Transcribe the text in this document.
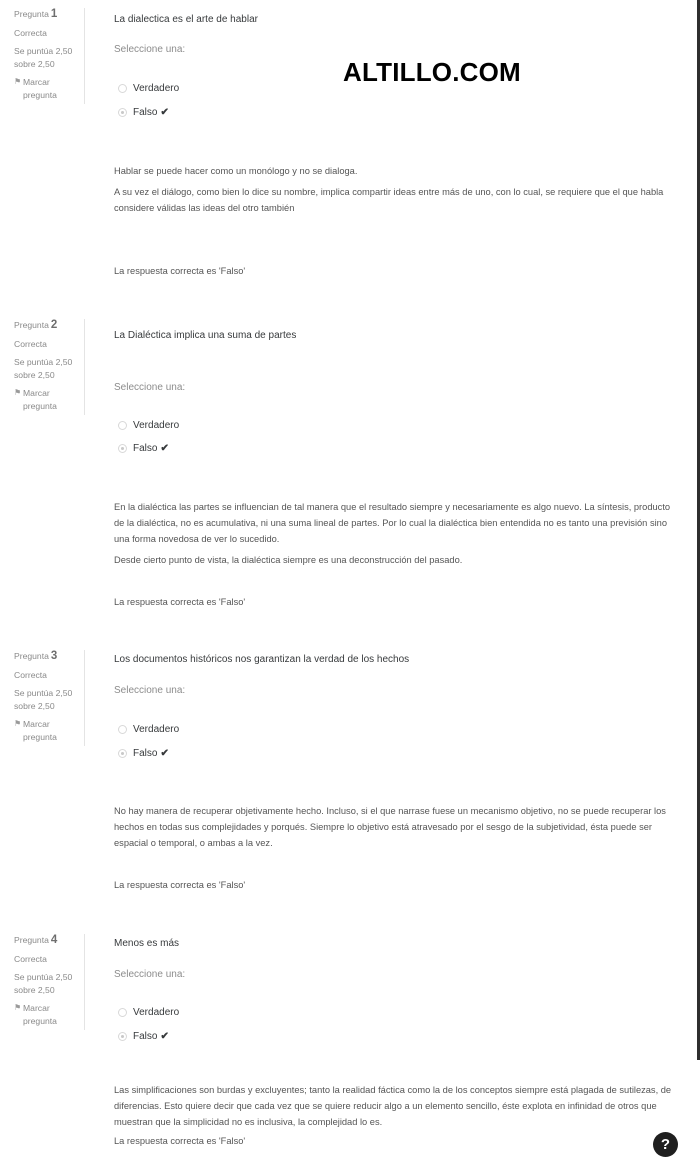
ALTILLO.COM
Pregunta 1
Correcta
Se puntúa 2,50
sobre 2,50
⚑ Marcar
pregunta
La dialectica es el arte de hablar
Seleccione una:
Verdadero
Falso ✔

Hablar se puede hacer como un monólogo y no se dialoga.

A su vez el diálogo, como bien lo dice su nombre, implica compartir ideas entre más de uno, con lo cual, se requiere que el que habla considere válidas las ideas del otro también

La respuesta correcta es 'Falso'
Pregunta 2
Correcta
Se puntúa 2,50
sobre 2,50
⚑ Marcar
pregunta
La Dialéctica implica una suma de partes
Seleccione una:
Verdadero
Falso ✔

En la dialéctica las partes se influencian de tal manera que el resultado siempre y necesariamente es algo nuevo. La síntesis, producto de la dialéctica, no es acumulativa, ni una suma lineal de partes. Por lo cual la dialéctica bien entendida no es tanto una previsión sino una forma novedosa de ver lo sucedido.

Desde cierto punto de vista, la dialéctica siempre es una deconstrucción del pasado.

La respuesta correcta es 'Falso'
Pregunta 3
Correcta
Se puntúa 2,50
sobre 2,50
⚑ Marcar
pregunta
Los documentos históricos nos garantizan la verdad de los hechos
Seleccione una:
Verdadero
Falso ✔

No hay manera de recuperar objetivamente hecho. Incluso, si el que narrase fuese un mecanismo objetivo, no se puede recuperar los hechos en todas sus complejidades y porqués. Siempre lo objetivo está atravesado por el sesgo de la subjetividad, ésta puede ser espacial o temporal, o ambas a la vez.

La respuesta correcta es 'Falso'
Pregunta 4
Correcta
Se puntúa 2,50
sobre 2,50
⚑ Marcar
pregunta
Menos es más
Seleccione una:
Verdadero
Falso ✔

Las simplificaciones son burdas y excluyentes; tanto la realidad fáctica como la de los conceptos siempre está plagada de sutilezas, de diferencias. Esto quiere decir que cada vez que se quiere reducir algo a un elemento sencillo, éste explota en infinidad de otros que muestran que la simplicidad no es inclusiva, la complejidad lo es.

La respuesta correcta es 'Falso'	?
